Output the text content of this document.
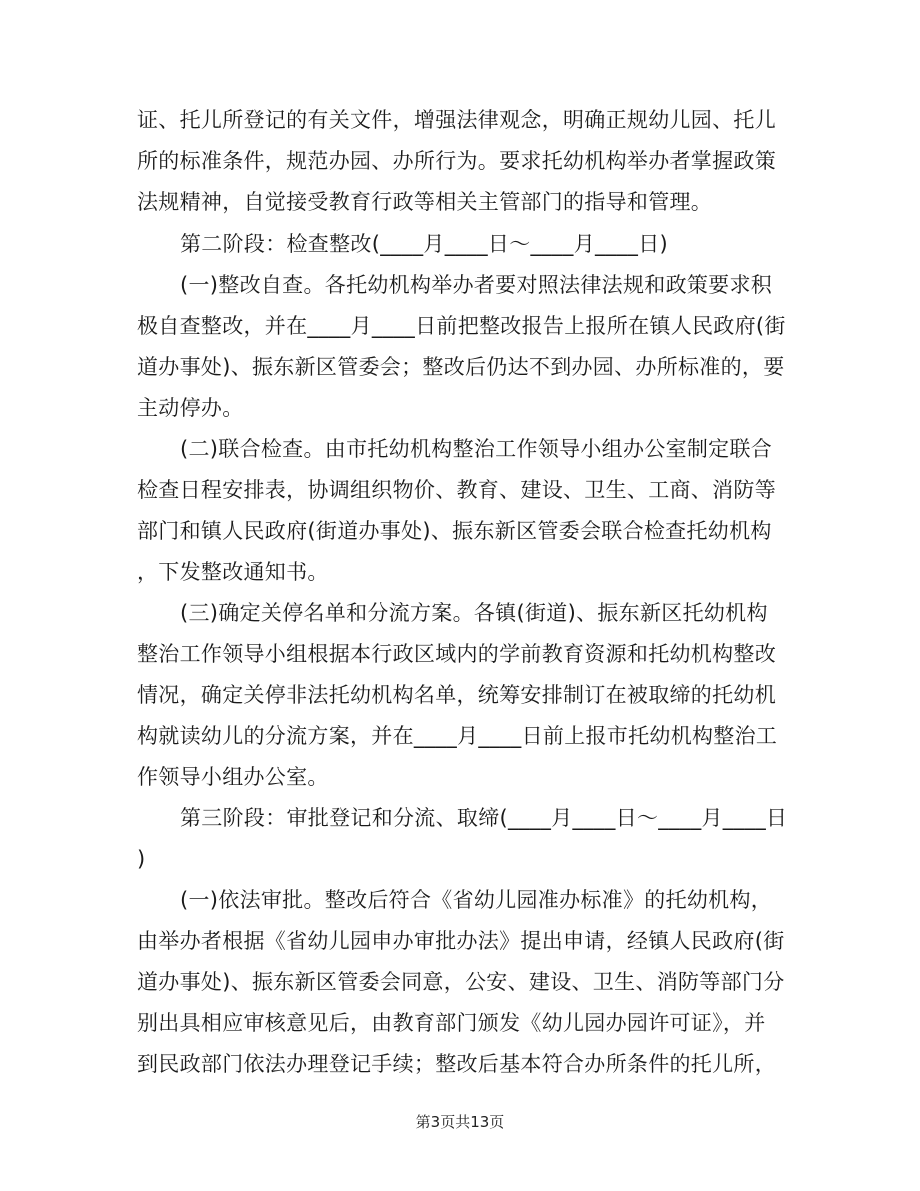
证、托儿所登记的有关文件，增强法律观念，明确正规幼儿园、托儿
所的标准条件，规范办园、办所行为。要求托幼机构举办者掌握政策
法规精神，自觉接受教育行政等相关主管部门的指导和管理。
第二阶段：检查整改(____月____日～____月____日)
(一)整改自查。各托幼机构举办者要对照法律法规和政策要求积
极自查整改，并在____月____日前把整改报告上报所在镇人民政府(街
道办事处)、振东新区管委会；整改后仍达不到办园、办所标准的，要
主动停办。
(二)联合检查。由市托幼机构整治工作领导小组办公室制定联合
检查日程安排表，协调组织物价、教育、建设、卫生、工商、消防等
部门和镇人民政府(街道办事处)、振东新区管委会联合检查托幼机构
，下发整改通知书。
(三)确定关停名单和分流方案。各镇(街道)、振东新区托幼机构
整治工作领导小组根据本行政区域内的学前教育资源和托幼机构整改
情况，确定关停非法托幼机构名单，统筹安排制订在被取缔的托幼机
构就读幼儿的分流方案，并在____月____日前上报市托幼机构整治工
作领导小组办公室。
第三阶段：审批登记和分流、取缔(____月____日～____月____日
)
(一)依法审批。整改后符合《省幼儿园准办标准》的托幼机构，
由举办者根据《省幼儿园申办审批办法》提出申请，经镇人民政府(街
道办事处)、振东新区管委会同意，公安、建设、卫生、消防等部门分
别出具相应审核意见后，由教育部门颁发《幼儿园办园许可证》，并
到民政部门依法办理登记手续；整改后基本符合办所条件的托儿所，
第3页共13页
